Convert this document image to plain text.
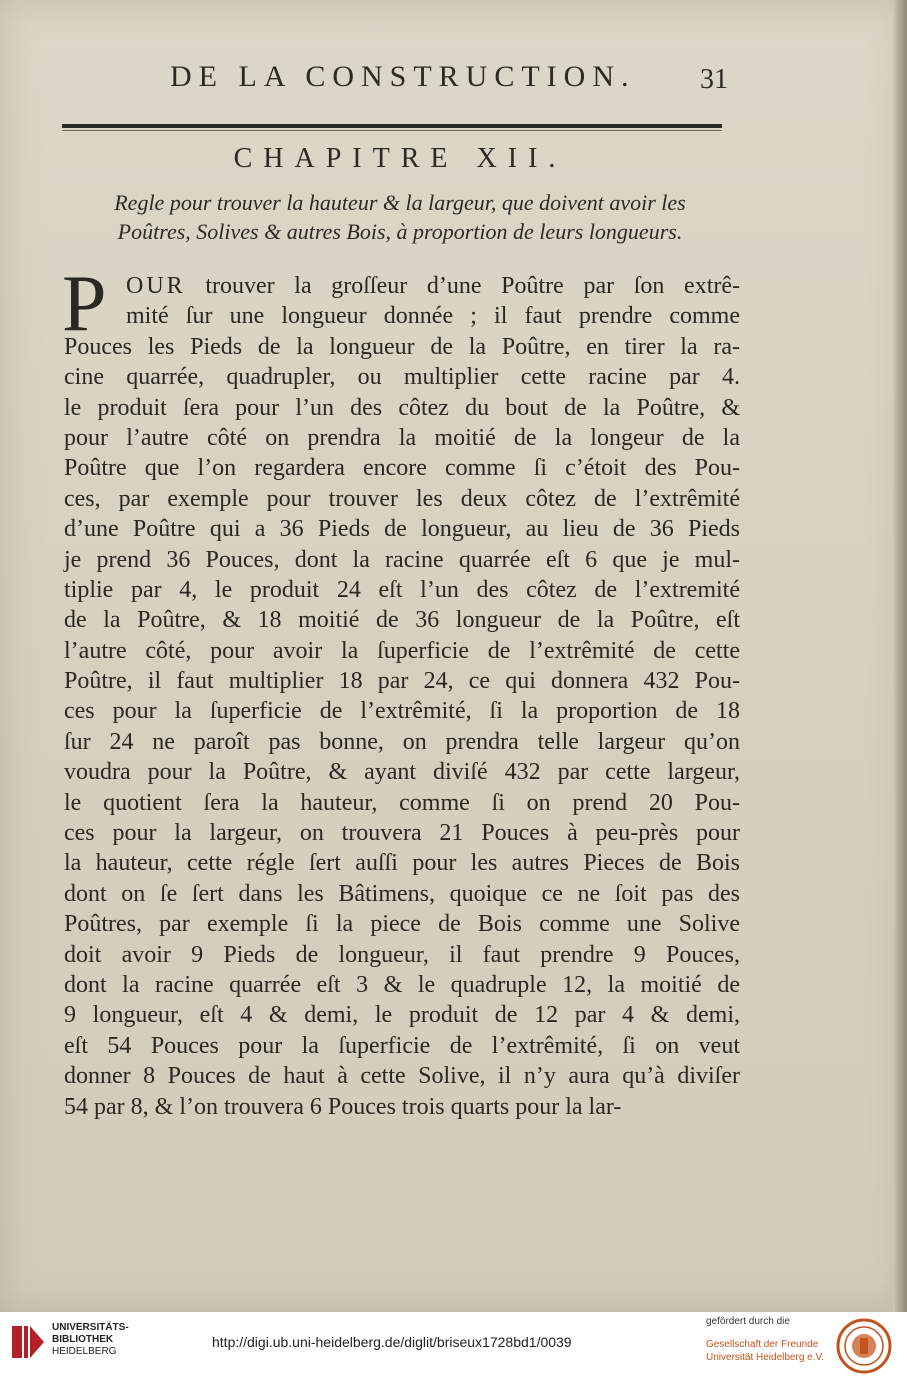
DE LA CONSTRUCTION. 31
CHAPITRE XII.
Regle pour trouver la hauteur & la largeur, que doivent avoir les
Poûtres, Solives & autres Bois, à proportion de leurs longueurs.
P OUR trouver la groſſeur d’une Poûtre par ſon extrê-
mité ſur une longueur donnée ; il faut prendre comme
Pouces les Pieds de la longueur de la Poûtre, en tirer la ra-
cine quarrée, quadrupler, ou multiplier cette racine par 4.
le produit ſera pour l’un des côtez du bout de la Poûtre, &
pour l’autre côté on prendra la moitié de la longeur de la
Poûtre que l’on regardera encore comme ſi c’étoit des Pou-
ces, par exemple pour trouver les deux côtez de l’extrêmité
d’une Poûtre qui a 36 Pieds de longueur, au lieu de 36 Pieds
je prend 36 Pouces, dont la racine quarrée eſt 6 que je mul-
tiplie par 4, le produit 24 eſt l’un des côtez de l’extremité
de la Poûtre, & 18 moitié de 36 longueur de la Poûtre, eſt
l’autre côté, pour avoir la ſuperficie de l’extrêmité de cette
Poûtre, il faut multiplier 18 par 24, ce qui donnera 432 Pou-
ces pour la ſuperficie de l’extrêmité, ſi la proportion de 18
ſur 24 ne paroît pas bonne, on prendra telle largeur qu’on
voudra pour la Poûtre, & ayant diviſé 432 par cette largeur,
le quotient ſera la hauteur, comme ſi on prend 20 Pou-
ces pour la largeur, on trouvera 21 Pouces à peu-près pour
la hauteur, cette régle ſert auſſi pour les autres Pieces de Bois
dont on ſe ſert dans les Bâtimens, quoique ce ne ſoit pas des
Poûtres, par exemple ſi la piece de Bois comme une Solive
doit avoir 9 Pieds de longueur, il faut prendre 9 Pouces,
dont la racine quarrée eſt 3 & le quadruple 12, la moitié de
9 longueur, eſt 4 & demi, le produit de 12 par 4 & demi,
eſt 54 Pouces pour la ſuperficie de l’extrêmité, ſi on veut
donner 8 Pouces de haut à cette Solive, il n’y aura qu’à diviſer
54 par 8, & l’on trouvera 6 Pouces trois quarts pour la lar-
UNIVERSITÄTS-
BIBLIOTHEK
HEIDELBERG
http://digi.ub.uni-heidelberg.de/diglit/briseux1728bd1/0039
gefördert durch die
Gesellschaft der Freunde
Universität Heidelberg e.V.
